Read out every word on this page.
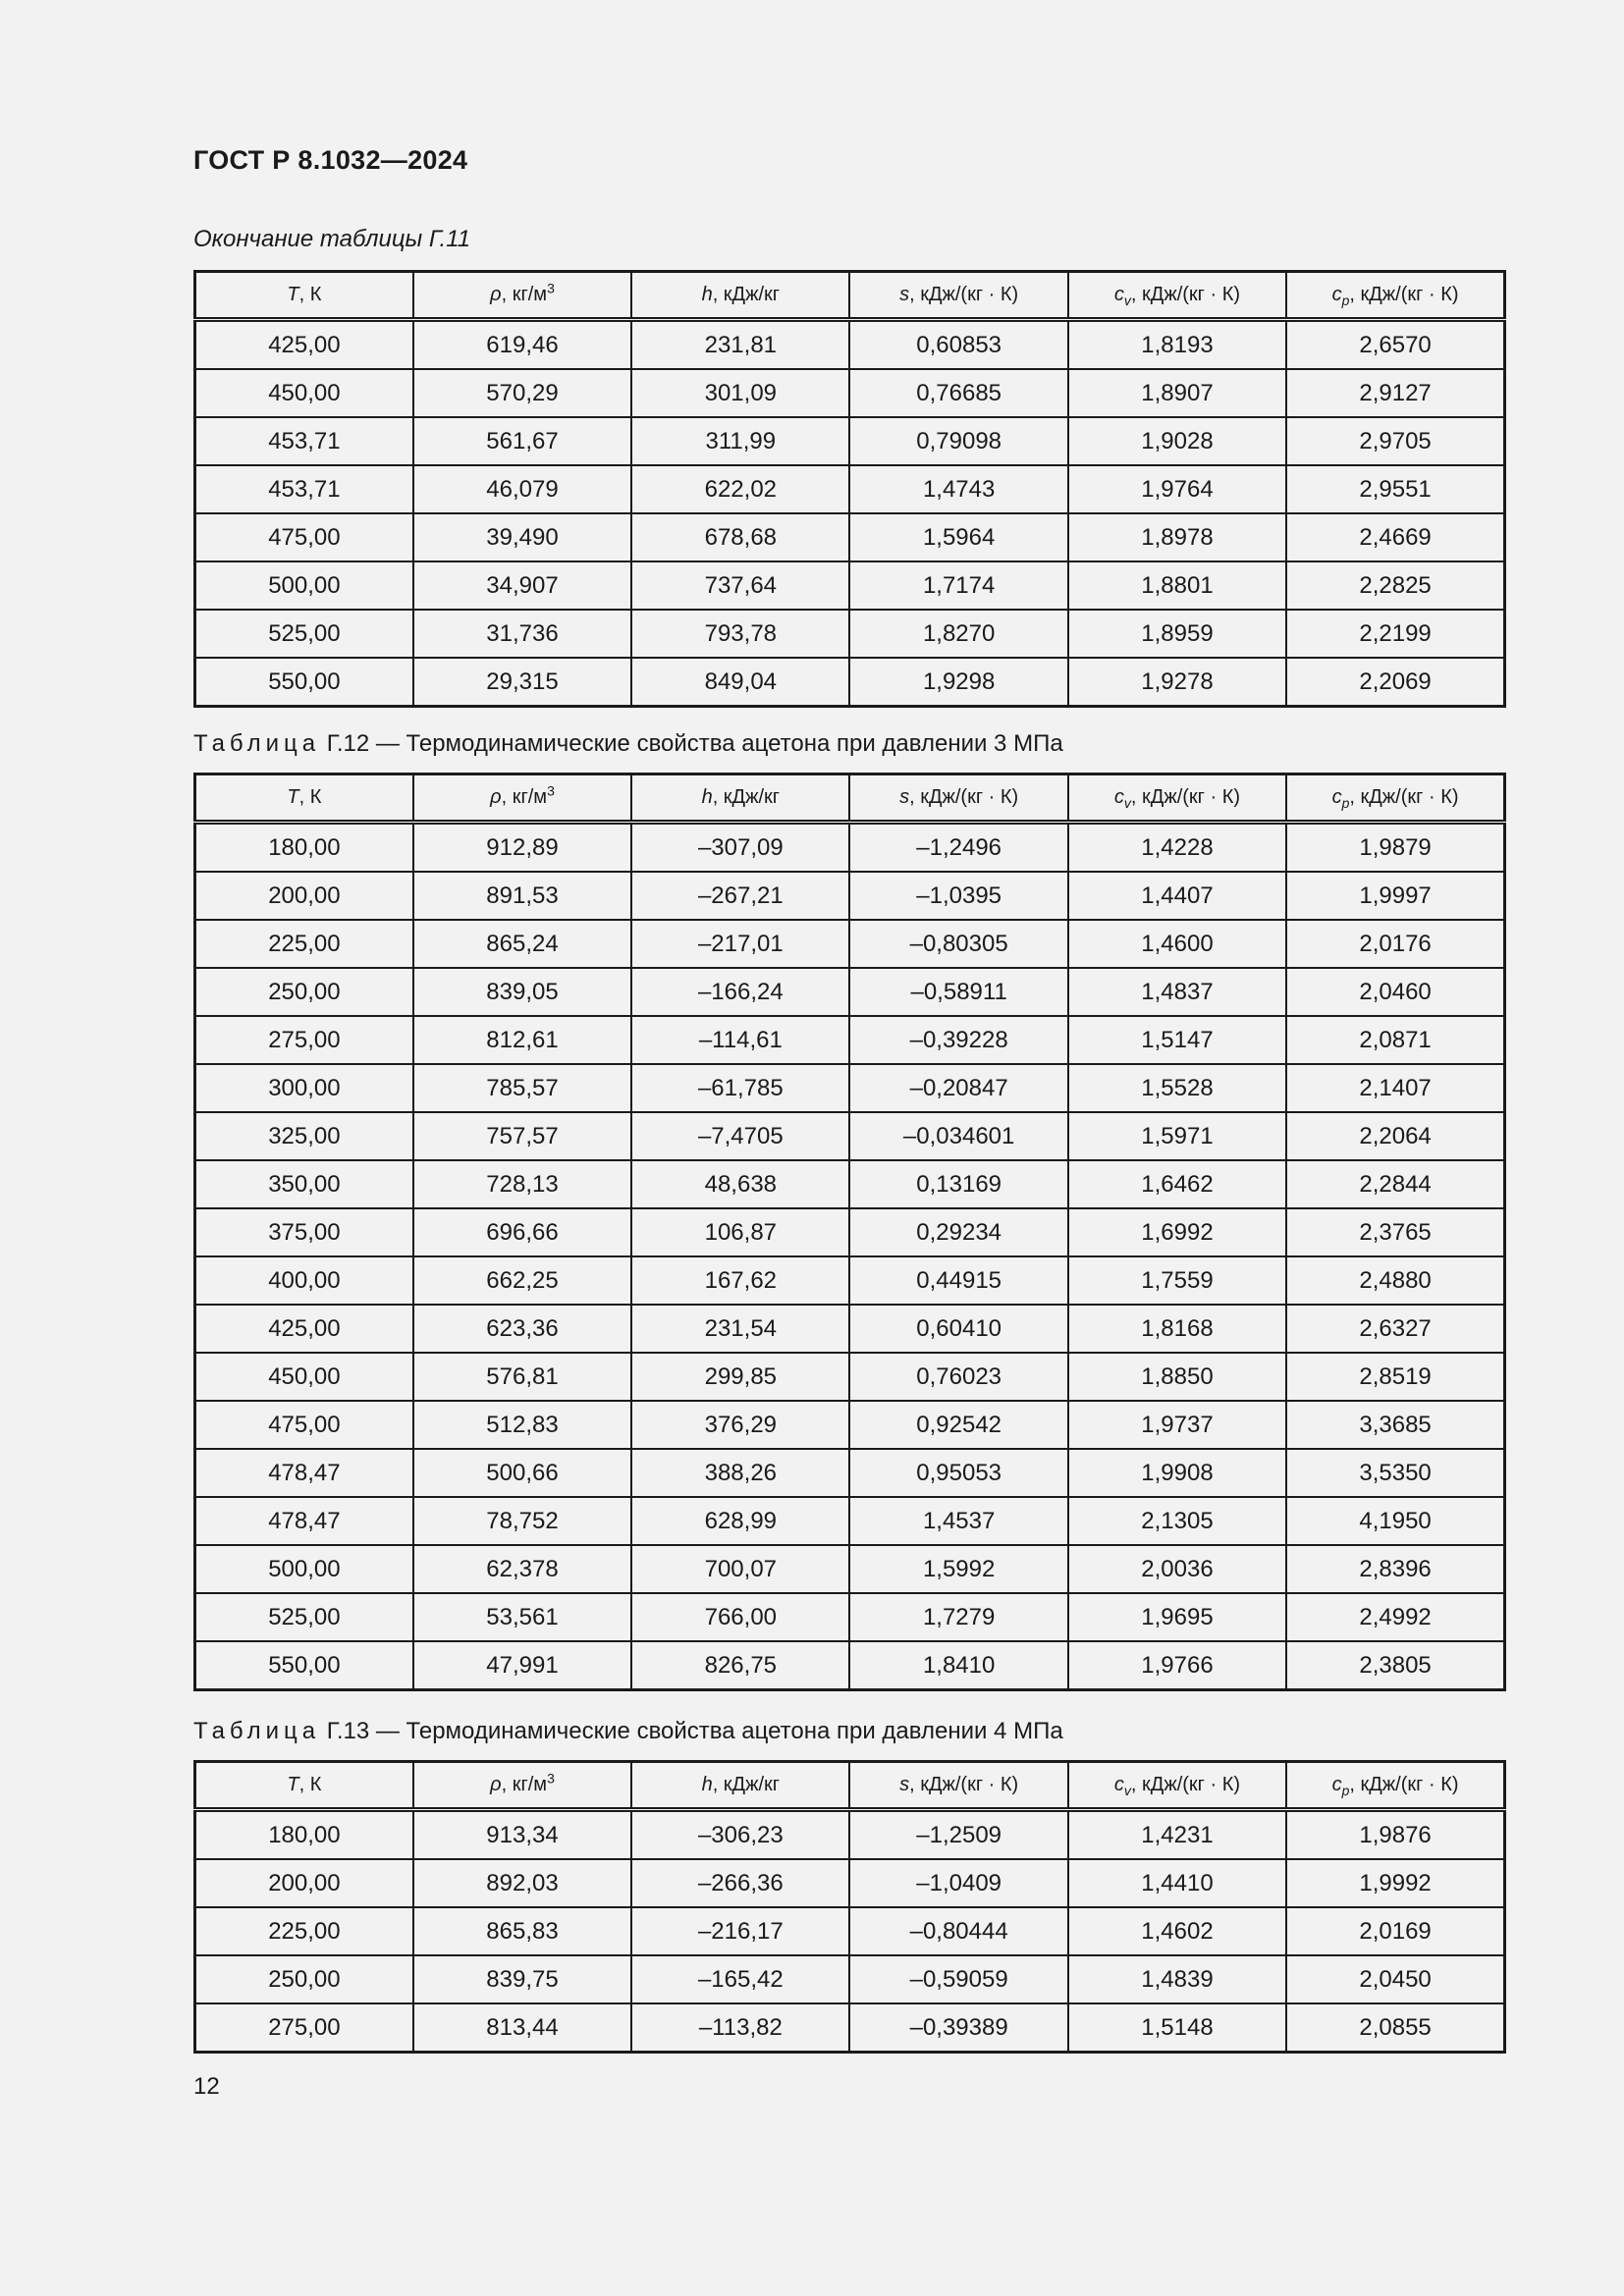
ГОСТ Р 8.1032—2024
Окончание таблицы Г.11
T, К	ρ, $кг/м^3$	h, кДж/кг	s, кДж/(кг · К)	$c_v$, кДж/(кг · К)	$c_p$, кДж/(кг · К)
425,00	619,46	231,81	0,60853	1,8193	2,6570
450,00	570,29	301,09	0,76685	1,8907	2,9127
453,71	561,67	311,99	0,79098	1,9028	2,9705
453,71	46,079	622,02	1,4743	1,9764	2,9551
475,00	39,490	678,68	1,5964	1,8978	2,4669
500,00	34,907	737,64	1,7174	1,8801	2,2825
525,00	31,736	793,78	1,8270	1,8959	2,2199
550,00	29,315	849,04	1,9298	1,9278	2,2069
Таблица Г.12 — Термодинамические свойства ацетона при давлении 3 МПа
T, К	ρ, $кг/м^3$	h, кДж/кг	s, кДж/(кг · К)	$c_v$, кДж/(кг · К)	$c_p$, кДж/(кг · К)
180,00	912,89	–307,09	–1,2496	1,4228	1,9879
200,00	891,53	–267,21	–1,0395	1,4407	1,9997
225,00	865,24	–217,01	–0,80305	1,4600	2,0176
250,00	839,05	–166,24	–0,58911	1,4837	2,0460
275,00	812,61	–114,61	–0,39228	1,5147	2,0871
300,00	785,57	–61,785	–0,20847	1,5528	2,1407
325,00	757,57	–7,4705	–0,034601	1,5971	2,2064
350,00	728,13	48,638	0,13169	1,6462	2,2844
375,00	696,66	106,87	0,29234	1,6992	2,3765
400,00	662,25	167,62	0,44915	1,7559	2,4880
425,00	623,36	231,54	0,60410	1,8168	2,6327
450,00	576,81	299,85	0,76023	1,8850	2,8519
475,00	512,83	376,29	0,92542	1,9737	3,3685
478,47	500,66	388,26	0,95053	1,9908	3,5350
478,47	78,752	628,99	1,4537	2,1305	4,1950
500,00	62,378	700,07	1,5992	2,0036	2,8396
525,00	53,561	766,00	1,7279	1,9695	2,4992
550,00	47,991	826,75	1,8410	1,9766	2,3805
Таблица Г.13 — Термодинамические свойства ацетона при давлении 4 МПа
T, К	ρ, $кг/м^3$	h, кДж/кг	s, кДж/(кг · К)	$c_v$, кДж/(кг · К)	$c_p$, кДж/(кг · К)
180,00	913,34	–306,23	–1,2509	1,4231	1,9876
200,00	892,03	–266,36	–1,0409	1,4410	1,9992
225,00	865,83	–216,17	–0,80444	1,4602	2,0169
250,00	839,75	–165,42	–0,59059	1,4839	2,0450
275,00	813,44	–113,82	–0,39389	1,5148	2,0855
12
